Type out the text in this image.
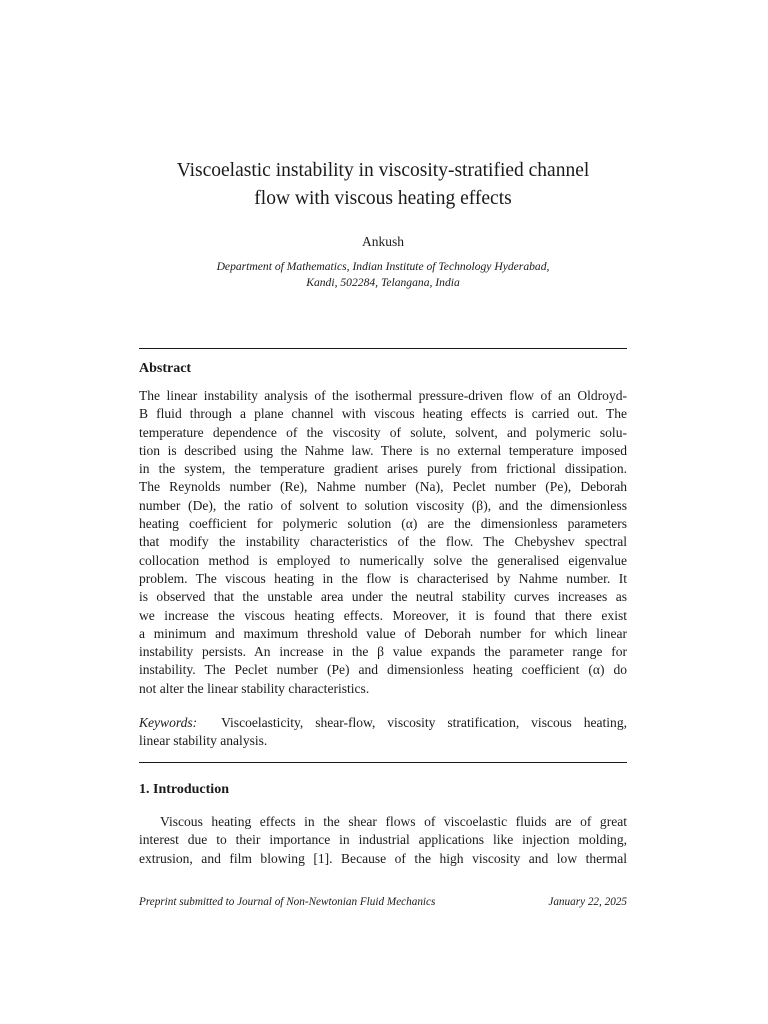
Viscoelastic instability in viscosity-stratified channel
flow with viscous heating effects
Ankush
Department of Mathematics, Indian Institute of Technology Hyderabad,
Kandi, 502284, Telangana, India
Abstract
The linear instability analysis of the isothermal pressure-driven flow of an Oldroyd-
B fluid through a plane channel with viscous heating effects is carried out. The
temperature dependence of the viscosity of solute, solvent, and polymeric solu-
tion is described using the Nahme law. There is no external temperature imposed
in the system, the temperature gradient arises purely from frictional dissipation.
The Reynolds number (Re), Nahme number (Na), Peclet number (Pe), Deborah
number (De), the ratio of solvent to solution viscosity (β), and the dimensionless
heating coefficient for polymeric solution (α) are the dimensionless parameters
that modify the instability characteristics of the flow. The Chebyshev spectral
collocation method is employed to numerically solve the generalised eigenvalue
problem. The viscous heating in the flow is characterised by Nahme number. It
is observed that the unstable area under the neutral stability curves increases as
we increase the viscous heating effects. Moreover, it is found that there exist
a minimum and maximum threshold value of Deborah number for which linear
instability persists. An increase in the β value expands the parameter range for
instability. The Peclet number (Pe) and dimensionless heating coefficient (α) do
not alter the linear stability characteristics.
Keywords: Viscoelasticity, shear-flow, viscosity stratification, viscous heating,
linear stability analysis.
1. Introduction
Viscous heating effects in the shear flows of viscoelastic fluids are of great
interest due to their importance in industrial applications like injection molding,
extrusion, and film blowing [1]. Because of the high viscosity and low thermal
Preprint submitted to Journal of Non-Newtonian Fluid Mechanics	January 22, 2025
